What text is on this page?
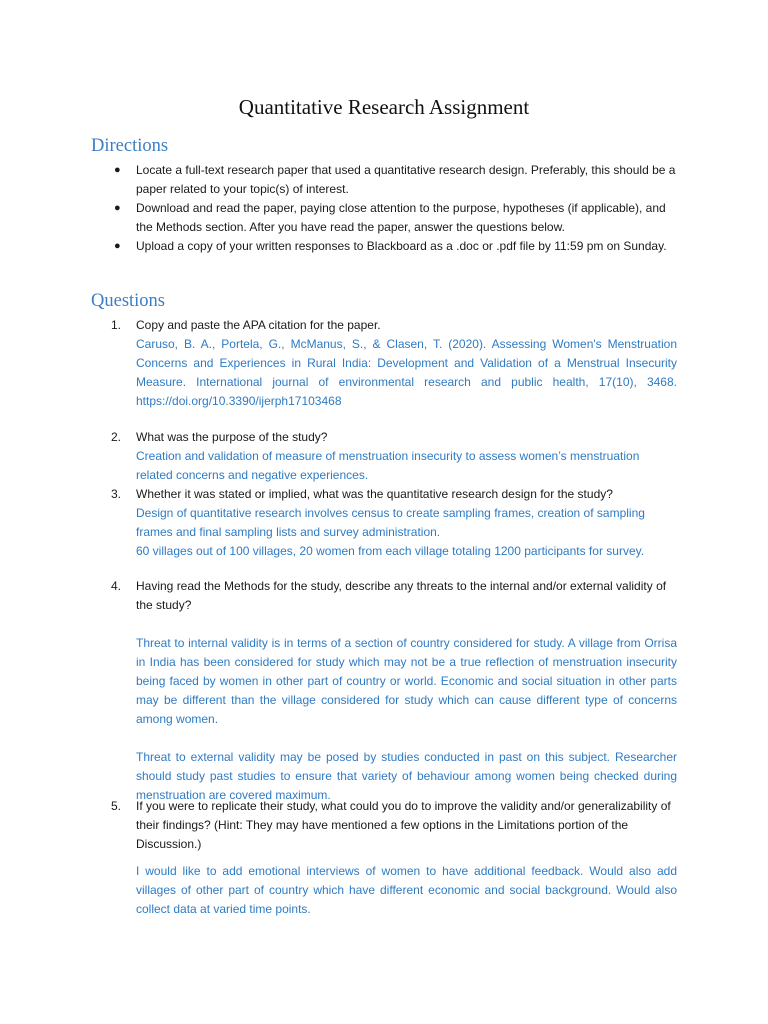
Quantitative Research Assignment
Directions
● Locate a full-text research paper that used a quantitative research design. Preferably, this should be a paper related to your topic(s) of interest.
● Download and read the paper, paying close attention to the purpose, hypotheses (if applicable), and the Methods section. After you have read the paper, answer the questions below.
● Upload a copy of your written responses to Blackboard as a .doc or .pdf file by 11:59 pm on Sunday.
Questions
1. Copy and paste the APA citation for the paper.
Caruso, B. A., Portela, G., McManus, S., & Clasen, T. (2020). Assessing Women's Menstruation Concerns and Experiences in Rural India: Development and Validation of a Menstrual Insecurity Measure. International journal of environmental research and public health, 17(10), 3468. https://doi.org/10.3390/ijerph17103468
2. What was the purpose of the study?
Creation and validation of measure of menstruation insecurity to assess women’s menstruation related concerns and negative experiences.
3. Whether it was stated or implied, what was the quantitative research design for the study?
Design of quantitative research involves census to create sampling frames, creation of sampling frames and final sampling lists and survey administration.
60 villages out of 100 villages, 20 women from each village totaling 1200 participants for survey.
4. Having read the Methods for the study, describe any threats to the internal and/or external validity of the study?
Threat to internal validity is in terms of a section of country considered for study. A village from Orrisa in India has been considered for study which may not be a true reflection of menstruation insecurity being faced by women in other part of country or world. Economic and social situation in other parts may be different than the village considered for study which can cause different type of concerns among women.
Threat to external validity may be posed by studies conducted in past on this subject. Researcher should study past studies to ensure that variety of behaviour among women being checked during menstruation are covered maximum.
5. If you were to replicate their study, what could you do to improve the validity and/or generalizability of their findings? (Hint: They may have mentioned a few options in the Limitations portion of the Discussion.)
I would like to add emotional interviews of women to have additional feedback. Would also add villages of other part of country which have different economic and social background. Would also collect data at varied time points.
